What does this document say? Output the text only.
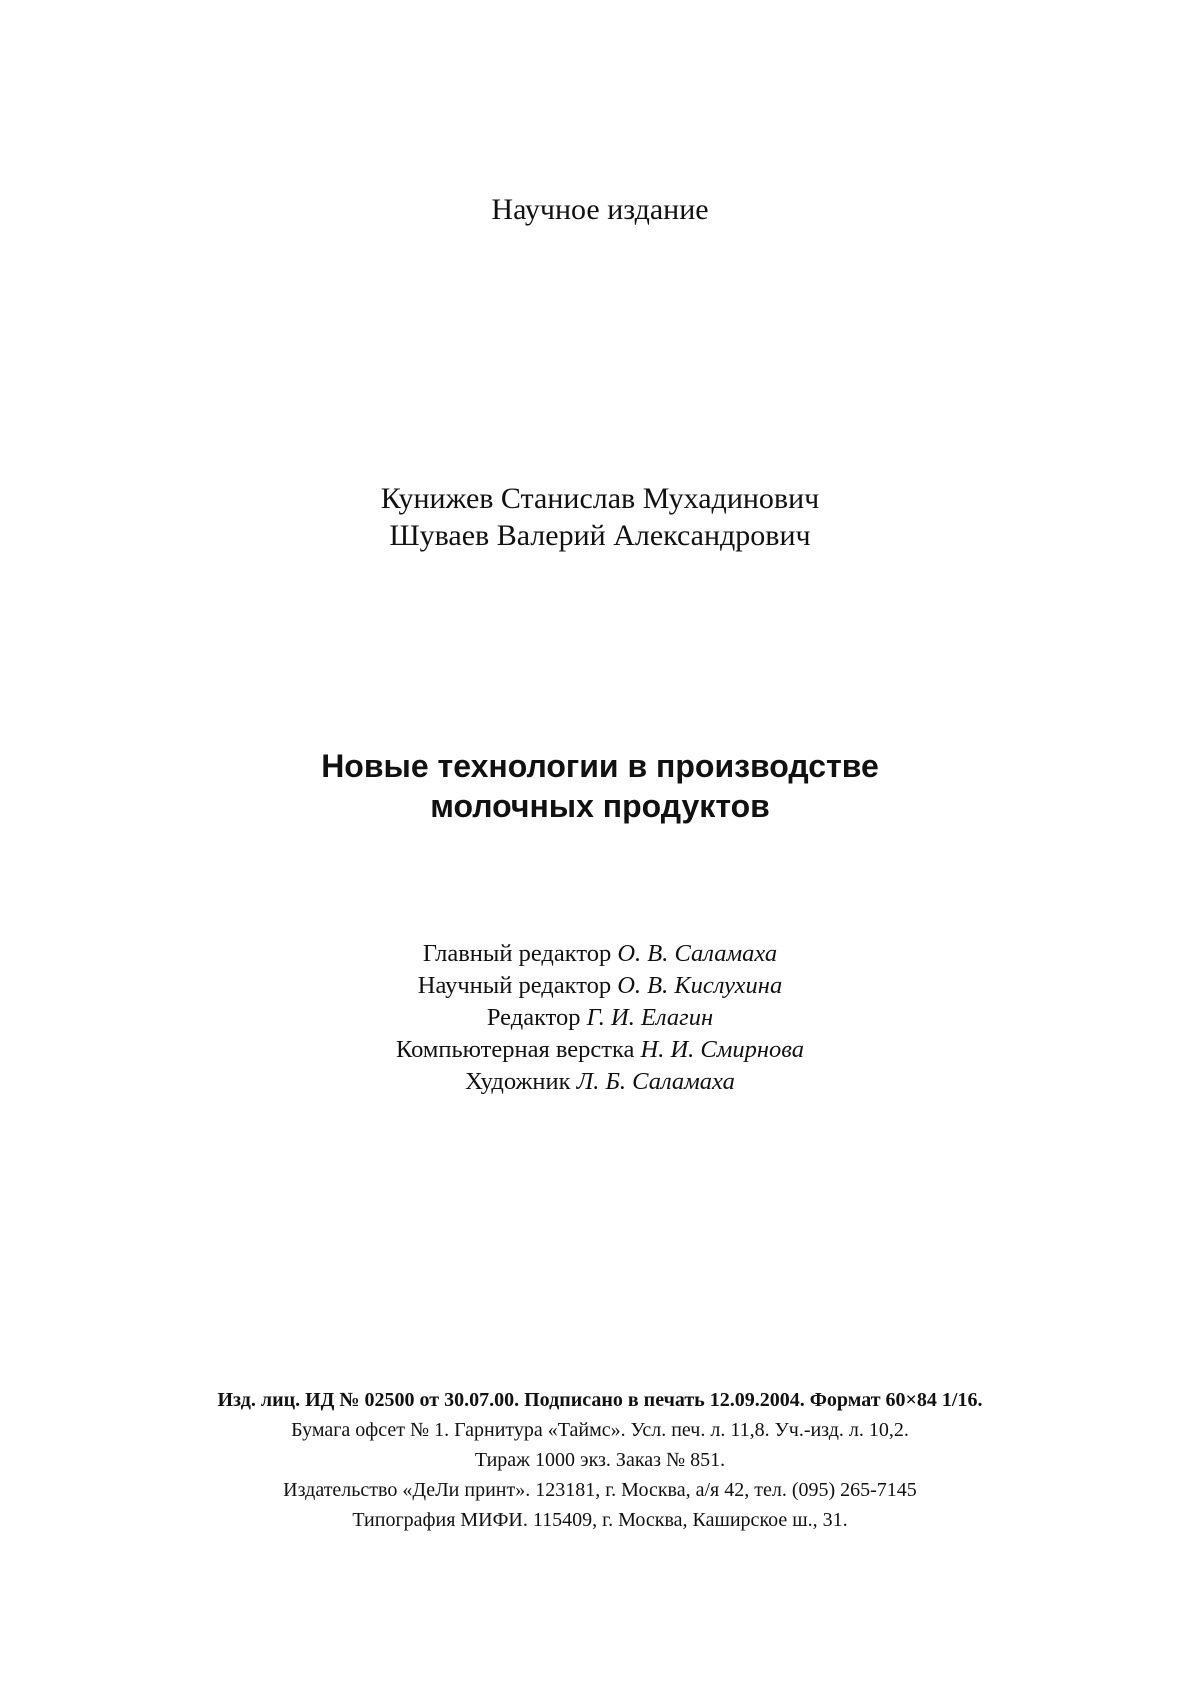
Научное издание
Кунижев Станислав Мухадинович
Шуваев Валерий Александрович
Новые технологии в производстве
молочных продуктов
Главный редактор О. В. Саламаха
Научный редактор О. В. Кислухина
Редактор Г. И. Елагин
Компьютерная верстка Н. И. Смирнова
Художник Л. Б. Саламаха
Изд. лиц. ИД № 02500 от 30.07.00. Подписано в печать 12.09.2004. Формат 60×84 1/16.
Бумага офсет № 1. Гарнитура «Таймс». Усл. печ. л. 11,8. Уч.-изд. л. 10,2.
Тираж 1000 экз. Заказ № 851.
Издательство «ДеЛи принт». 123181, г. Москва, а/я 42, тел. (095) 265-7145
Типография МИФИ. 115409, г. Москва, Каширское ш., 31.
